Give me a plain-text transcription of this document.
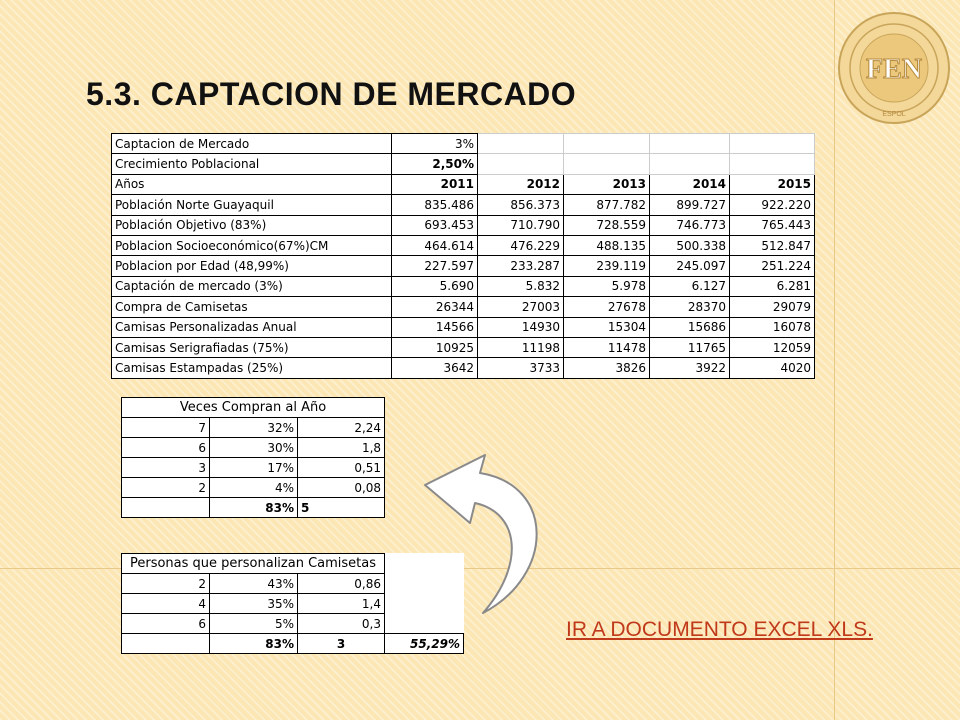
5.3. CAPTACION DE MERCADO
FEN
ESPOL
Captacion de Mercado	3%				
Crecimiento Poblacional	2,50%				
Años	2011	2012	2013	2014	2015
Población Norte Guayaquil	835.486	856.373	877.782	899.727	922.220
Población Objetivo (83%)	693.453	710.790	728.559	746.773	765.443
Poblacion Socioeconómico(67%)CM	464.614	476.229	488.135	500.338	512.847
Poblacion por Edad (48,99%)	227.597	233.287	239.119	245.097	251.224
Captación de mercado (3%)	5.690	5.832	5.978	6.127	6.281
Compra de Camisetas	26344	27003	27678	28370	29079
Camisas Personalizadas Anual	14566	14930	15304	15686	16078
Camisas Serigrafiadas (75%)	10925	11198	11478	11765	12059
Camisas Estampadas (25%)	3642	3733	3826	3922	4020
Veces Compran al Año		
7	32%	2,24
6	30%	1,8
3	17%	0,51
2	4%	0,08
	83%	5
Personas que personalizan Camisetas			
2	43%	0,86	
4	35%	1,4	
6	5%	0,3	
	83%	3	55,29%
IR A DOCUMENTO EXCEL XLS.
